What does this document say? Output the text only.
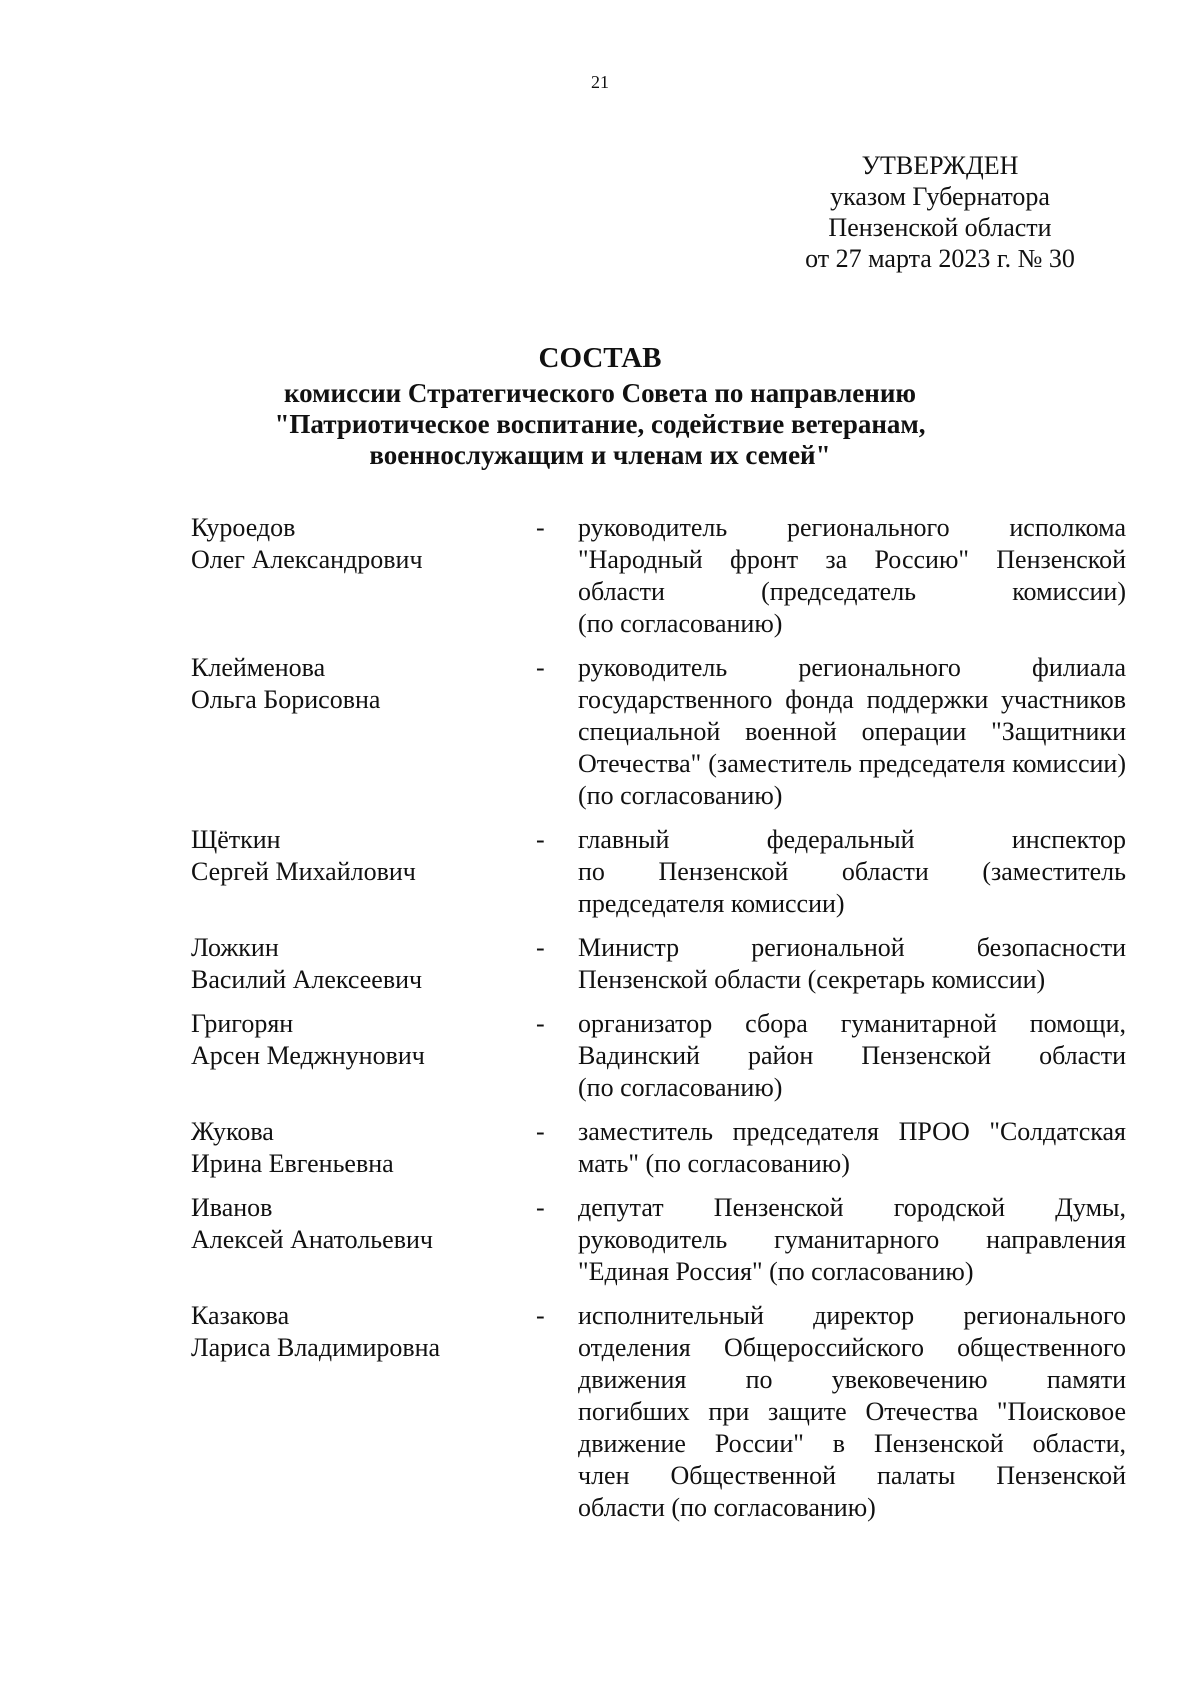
21
УТВЕРЖДЕН
указом Губернатора
Пензенской области
от 27 марта 2023 г. № 30
СОСТАВ
комиссии Стратегического Совета по направлению
"Патриотическое воспитание, содействие ветеранам,
военнослужащим и членам их семей"
Куроедов
Олег Александрович
-	руководитель регионального исполкома
"Народный фронт за Россию" Пензенской
области (председатель комиссии)
(по согласованию)
Клейменова
Ольга Борисовна
-	руководитель регионального филиала
государственного фонда поддержки участников
специальной военной операции "Защитники
Отечества" (заместитель председателя комиссии)
(по согласованию)
Щёткин
Сергей Михайлович
-	главный федеральный инспектор
по Пензенской области (заместитель
председателя комиссии)
Ложкин
Василий Алексеевич
-	Министр региональной безопасности
Пензенской области (секретарь комиссии)
Григорян
Арсен Меджнунович
-	организатор сбора гуманитарной помощи,
Вадинский район Пензенской области
(по согласованию)
Жукова
Ирина Евгеньевна
-	заместитель председателя ПРОО "Солдатская
мать" (по согласованию)
Иванов
Алексей Анатольевич
-	депутат Пензенской городской Думы,
руководитель гуманитарного направления
"Единая Россия" (по согласованию)
Казакова
Лариса Владимировна
-	исполнительный директор регионального
отделения Общероссийского общественного
движения по увековечению памяти
погибших при защите Отечества "Поисковое
движение России" в Пензенской области,
член Общественной палаты Пензенской
области (по согласованию)
